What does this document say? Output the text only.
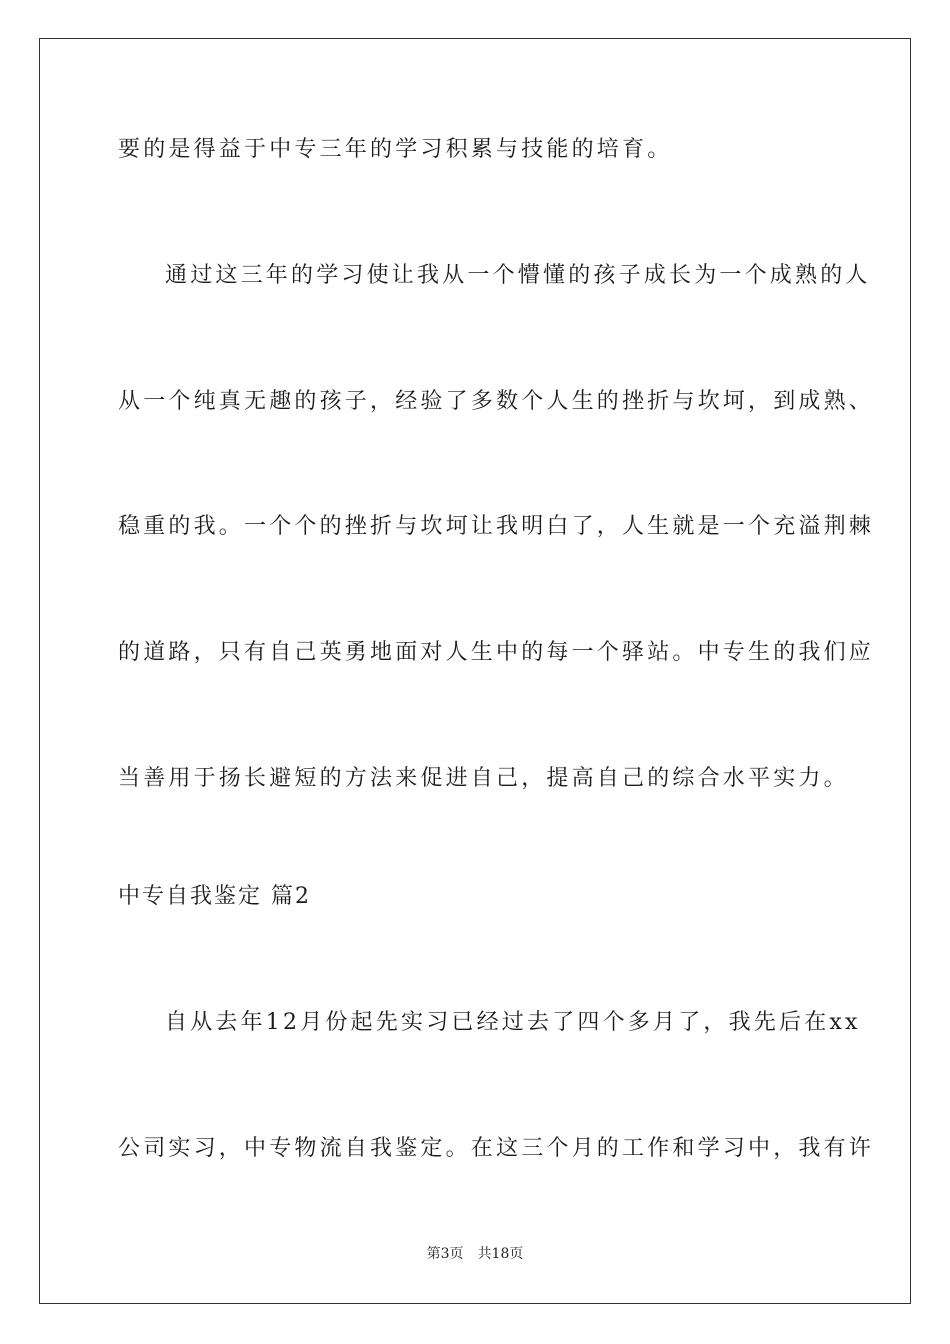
要的是得益于中专三年的学习积累与技能的培育。
通过这三年的学习使让我从一个懵懂的孩子成长为一个成熟的人
从一个纯真无趣的孩子，经验了多数个人生的挫折与坎坷，到成熟、
稳重的我。一个个的挫折与坎坷让我明白了，人生就是一个充溢荆棘
的道路，只有自己英勇地面对人生中的每一个驿站。中专生的我们应
当善用于扬长避短的方法来促进自己，提高自己的综合水平实力。
中专自我鉴定 篇2
自从去年12月份起先实习已经过去了四个多月了，我先后在xx
公司实习，中专物流自我鉴定。在这三个月的工作和学习中，我有许
第3页 共18页
